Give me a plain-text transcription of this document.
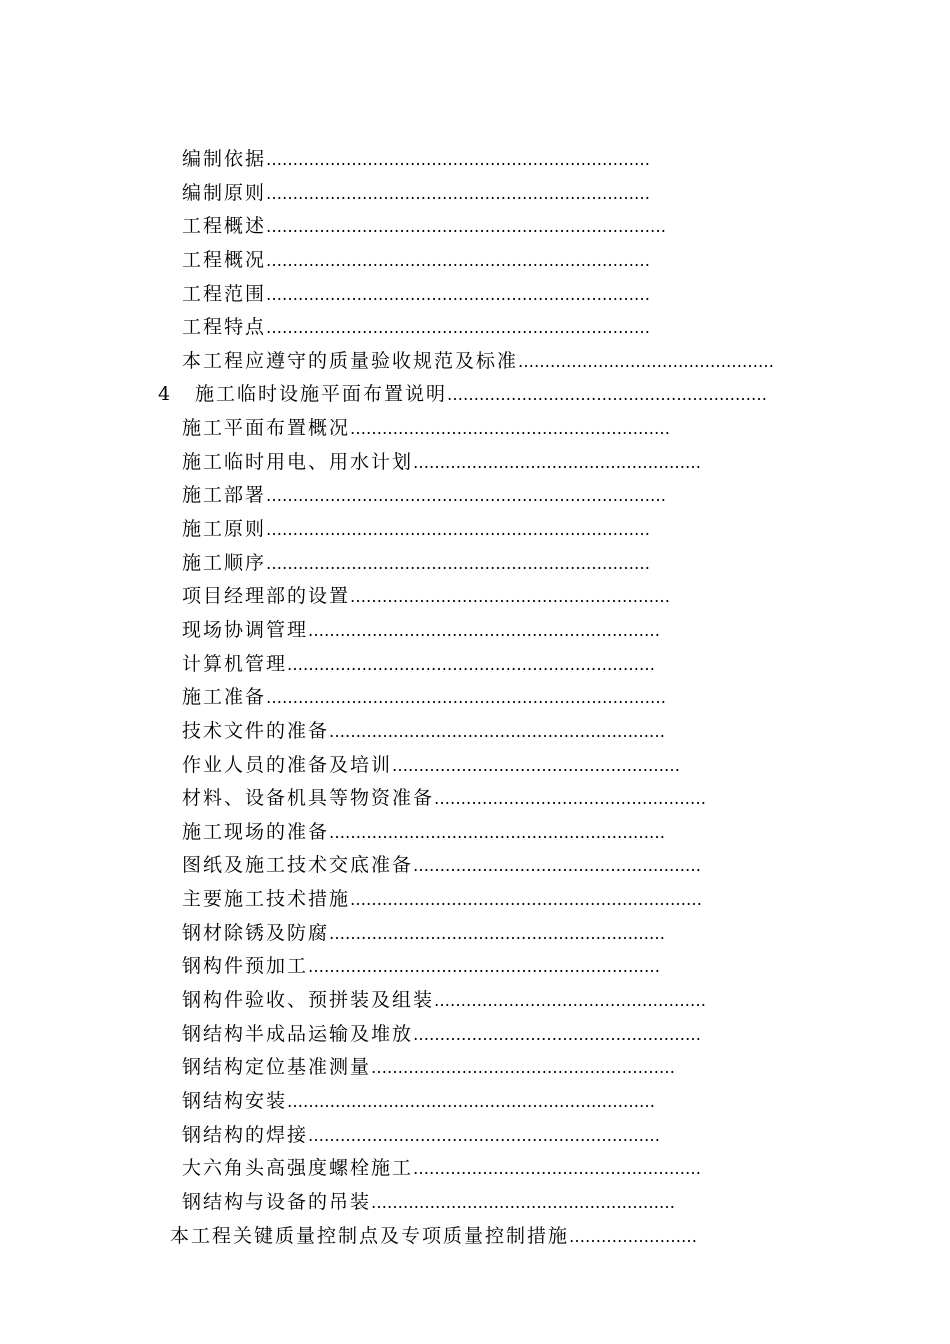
编制依据………………………………………………………………
编制原则………………………………………………………………
工程概述…………………………………………………………………
工程概况………………………………………………………………
工程范围………………………………………………………………
工程特点………………………………………………………………
本工程应遵守的质量验收规范及标准…………………………………………
4 施工临时设施平面布置说明……………………………………………………
施工平面布置概况……………………………………………………
施工临时用电、用水计划………………………………………………
施工部署…………………………………………………………………
施工原则………………………………………………………………
施工顺序………………………………………………………………
项目经理部的设置……………………………………………………
现场协调管理…………………………………………………………
计算机管理……………………………………………………………
施工准备…………………………………………………………………
技术文件的准备………………………………………………………
作业人员的准备及培训………………………………………………
材料、设备机具等物资准备……………………………………………
施工现场的准备………………………………………………………
图纸及施工技术交底准备………………………………………………
主要施工技术措施…………………………………………………………
钢材除锈及防腐………………………………………………………
钢构件预加工…………………………………………………………
钢构件验收、预拼装及组装……………………………………………
钢结构半成品运输及堆放………………………………………………
钢结构定位基准测量…………………………………………………
钢结构安装……………………………………………………………
钢结构的焊接…………………………………………………………
大六角头高强度螺栓施工………………………………………………
钢结构与设备的吊装…………………………………………………
本工程关键质量控制点及专项质量控制措施……………………
